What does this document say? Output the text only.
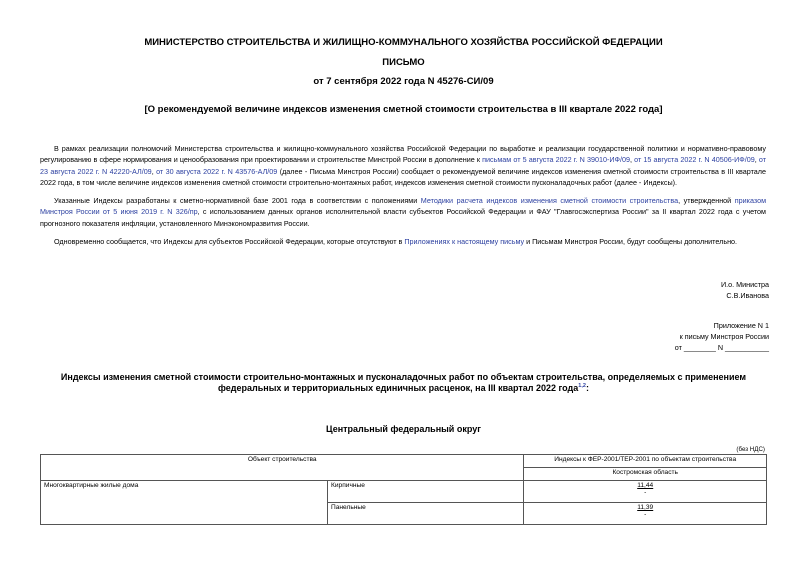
МИНИСТЕРСТВО СТРОИТЕЛЬСТВА И ЖИЛИЩНО-КОММУНАЛЬНОГО ХОЗЯЙСТВА РОССИЙСКОЙ ФЕДЕРАЦИИ
ПИСЬМО
от 7 сентября 2022 года N 45276-СИ/09
[О рекомендуемой величине индексов изменения сметной стоимости строительства в III квартале 2022 года]
В рамках реализации полномочий Министерства строительства и жилищно-коммунального хозяйства Российской Федерации по выработке и реализации государственной политики и нормативно-правовому регулированию в сфере нормирования и ценообразования при проектировании и строительстве Минстрой России в дополнение к письмам от 5 августа 2022 г. N 39010-ИФ/09, от 15 августа 2022 г. N 40506-ИФ/09, от 23 августа 2022 г. N 42220-АЛ/09, от 30 августа 2022 г. N 43576-АЛ/09 (далее - Письма Минстроя России) сообщает о рекомендуемой величине индексов изменения сметной стоимости строительства в III квартале 2022 года, в том числе величине индексов изменения сметной стоимости строительно-монтажных работ, индексов изменения сметной стоимости пусконаладочных работ (далее - Индексы).
Указанные Индексы разработаны к сметно-нормативной базе 2001 года в соответствии с положениями Методики расчета индексов изменения сметной стоимости строительства, утвержденной приказом Минстроя России от 5 июня 2019 г. N 326/пр, с использованием данных органов исполнительной власти субъектов Российской Федерации и ФАУ "Главгосэкспертиза России" за II квартал 2022 года с учетом прогнозного показателя инфляции, установленного Минэкономразвития России.
Одновременно сообщается, что Индексы для субъектов Российской Федерации, которые отсутствуют в Приложениях к настоящему письму и Письмам Минстроя России, будут сообщены дополнительно.
И.о. Министра
С.В.Иванова
Приложение N 1
к письму Минстроя России
от ________ N ___________
Индексы изменения сметной стоимости строительно-монтажных и пусконаладочных работ по объектам строительства, определяемых с применением
федеральных и территориальных единичных расценок, на III квартал 2022 года$^{1,2}$:
Центральный федеральный округ
(без НДС)
Объект строительства		Индексы к ФЕР-2001/ТЕР-2001 по объектам строительства
		Костромская область
Многоквартирные жилые дома	Кирпичные	11,44
-

	Панельные	11,39
-
